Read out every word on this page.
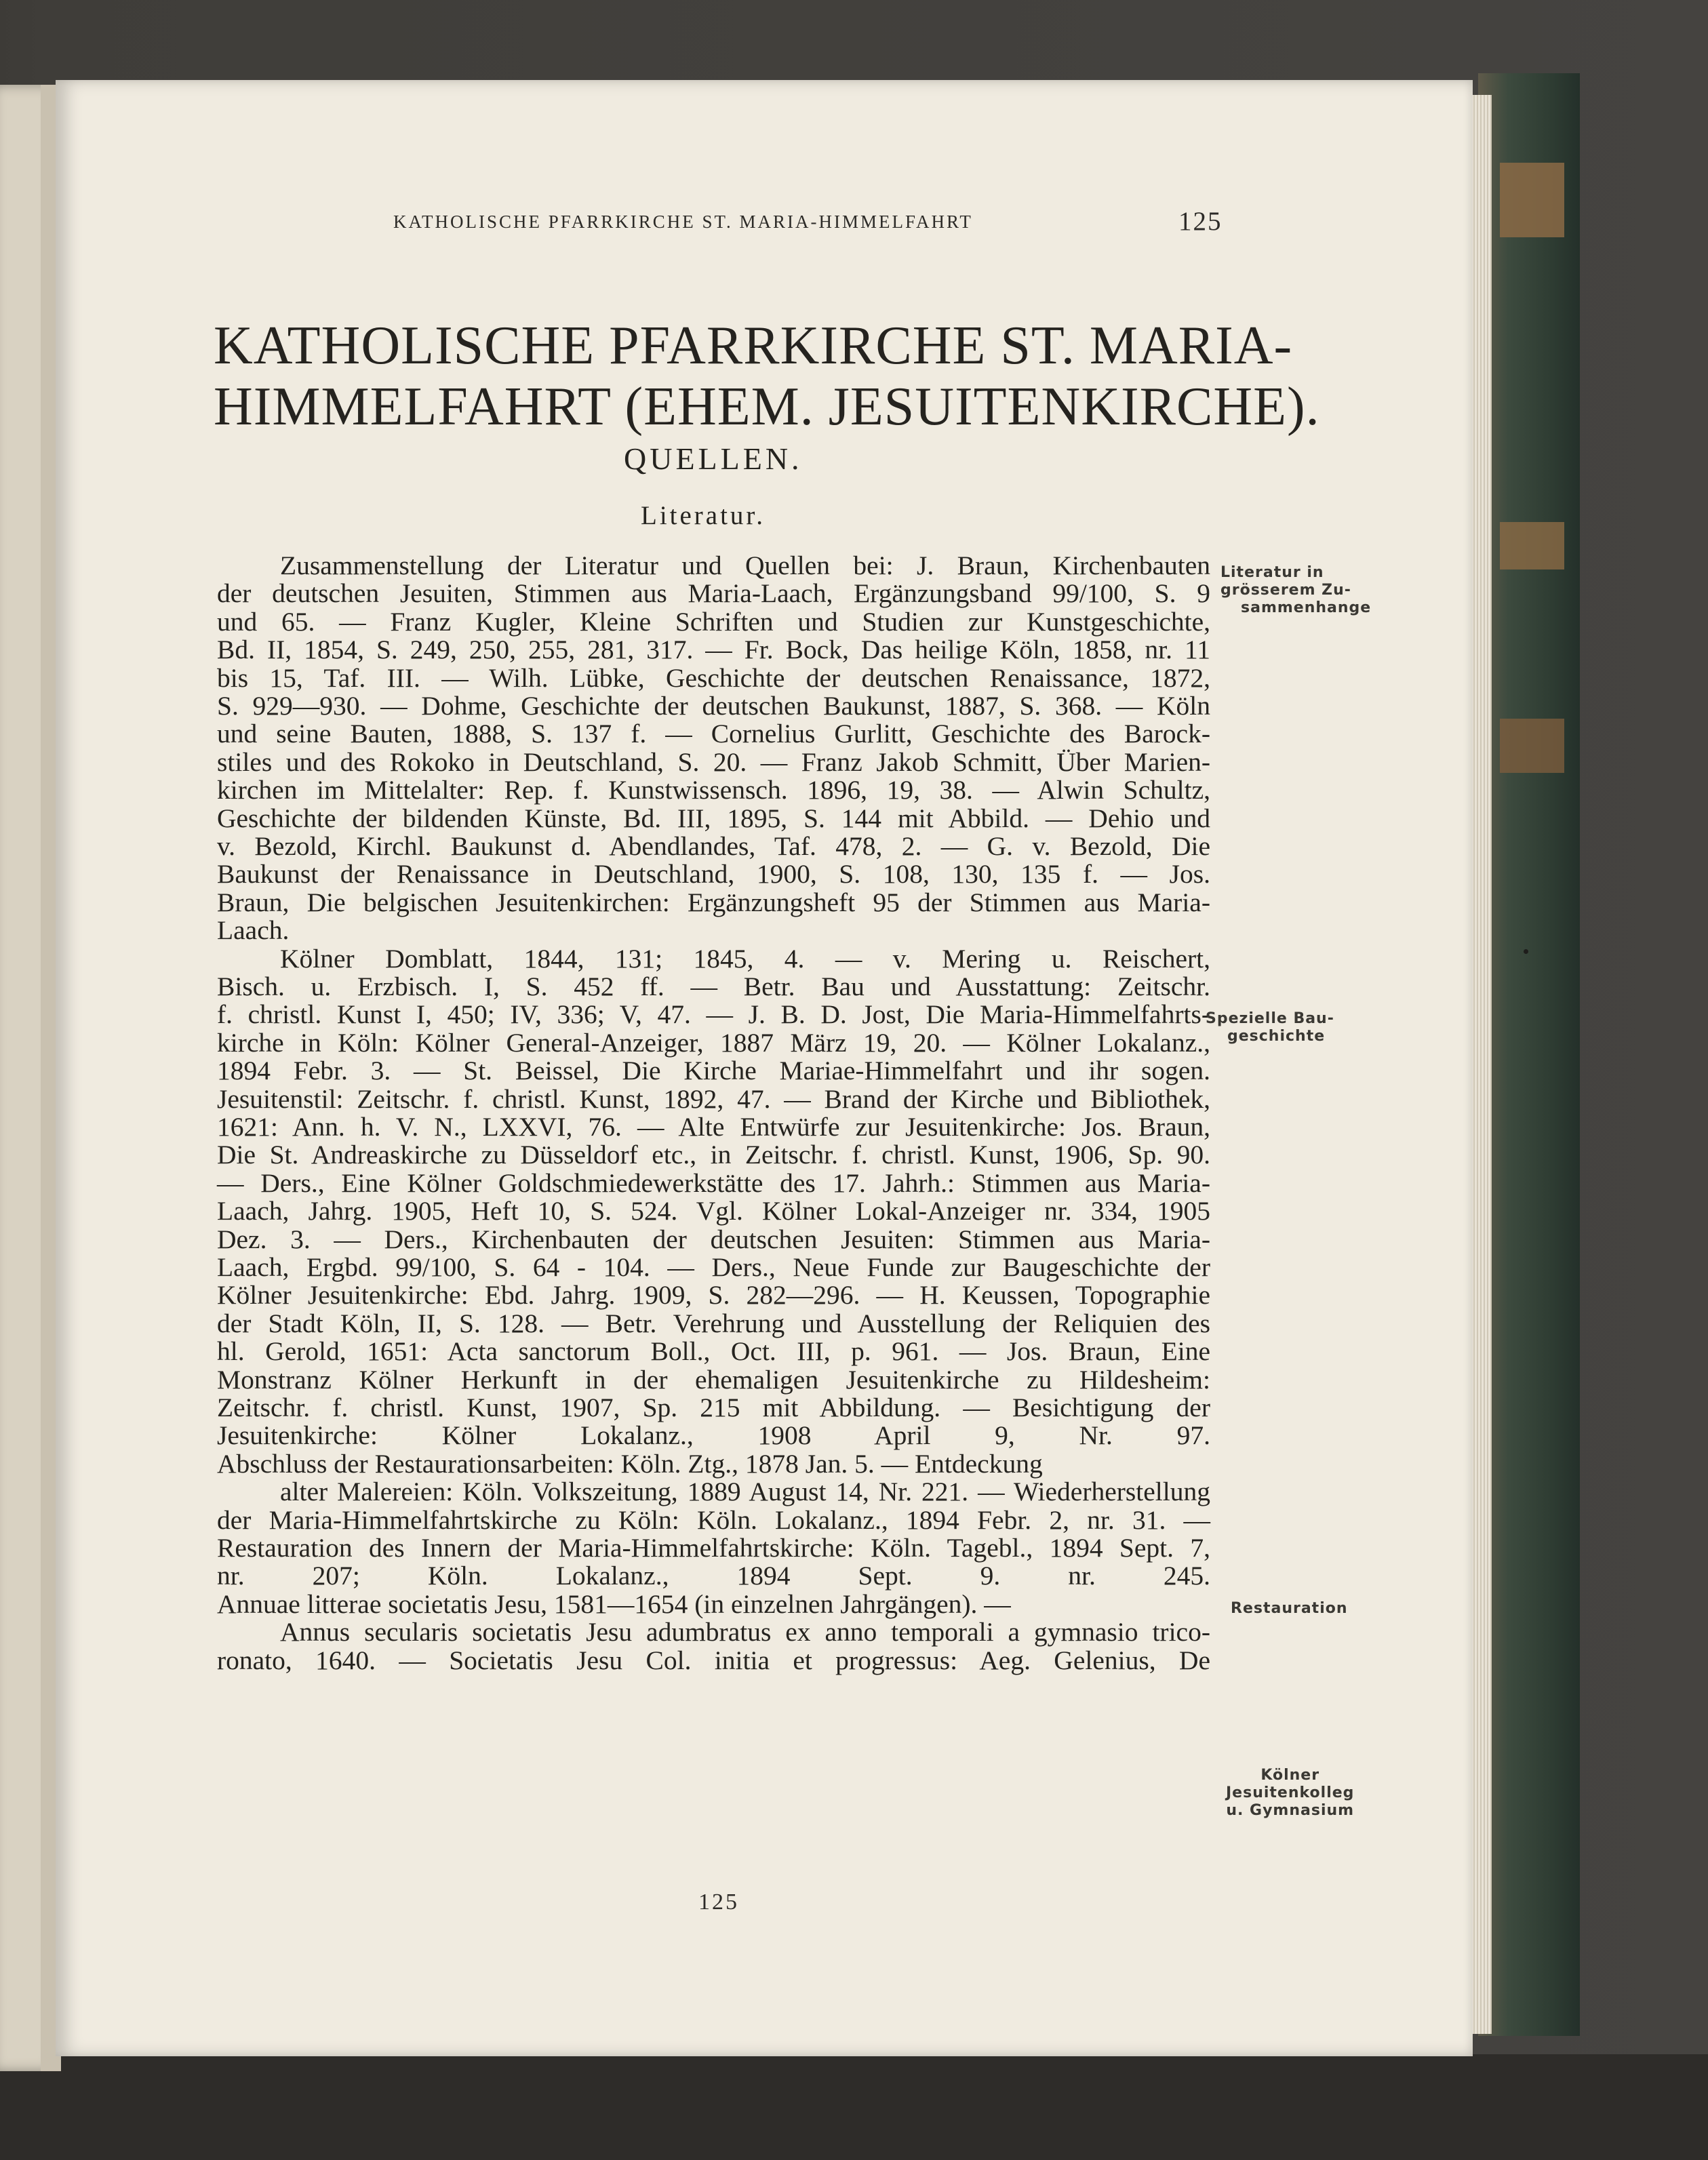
KATHOLISCHE PFARRKIRCHE ST. MARIA-HIMMELFAHRT	125
KATHOLISCHE PFARRKIRCHE ST. MARIA-
HIMMELFAHRT (EHEM. JESUITENKIRCHE).
QUELLEN.
Literatur.
Zusammenstellung der Literatur und Quellen bei: J. Braun, Kirchenbauten
der deutschen Jesuiten, Stimmen aus Maria-Laach, Ergänzungsband 99/100, S. 9
und 65. — Franz Kugler, Kleine Schriften und Studien zur Kunstgeschichte,
Bd. II, 1854, S. 249, 250, 255, 281, 317. — Fr. Bock, Das heilige Köln, 1858, nr. 11
bis 15, Taf. III. — Wilh. Lübke, Geschichte der deutschen Renaissance, 1872,
S. 929—930. — Dohme, Geschichte der deutschen Baukunst, 1887, S. 368. — Köln
und seine Bauten, 1888, S. 137 f. — Cornelius Gurlitt, Geschichte des Barock-
stiles und des Rokoko in Deutschland, S. 20. — Franz Jakob Schmitt, Über Marien-
kirchen im Mittelalter: Rep. f. Kunstwissensch. 1896, 19, 38. — Alwin Schultz,
Geschichte der bildenden Künste, Bd. III, 1895, S. 144 mit Abbild. — Dehio und
v. Bezold, Kirchl. Baukunst d. Abendlandes, Taf. 478, 2. — G. v. Bezold, Die
Baukunst der Renaissance in Deutschland, 1900, S. 108, 130, 135 f. — Jos.
Braun, Die belgischen Jesuitenkirchen: Ergänzungsheft 95 der Stimmen aus Maria-
Laach.
Kölner Domblatt, 1844, 131; 1845, 4. — v. Mering u. Reischert,
Bisch. u. Erzbisch. I, S. 452 ff. — Betr. Bau und Ausstattung: Zeitschr.
f. christl. Kunst I, 450; IV, 336; V, 47. — J. B. D. Jost, Die Maria-Himmelfahrts-
kirche in Köln: Kölner General-Anzeiger, 1887 März 19, 20. — Kölner Lokalanz.,
1894 Febr. 3. — St. Beissel, Die Kirche Mariae-Himmelfahrt und ihr sogen.
Jesuitenstil: Zeitschr. f. christl. Kunst, 1892, 47. — Brand der Kirche und Bibliothek,
1621: Ann. h. V. N., LXXVI, 76. — Alte Entwürfe zur Jesuitenkirche: Jos. Braun,
Die St. Andreaskirche zu Düsseldorf etc., in Zeitschr. f. christl. Kunst, 1906, Sp. 90.
— Ders., Eine Kölner Goldschmiedewerkstätte des 17. Jahrh.: Stimmen aus Maria-
Laach, Jahrg. 1905, Heft 10, S. 524. Vgl. Kölner Lokal-Anzeiger nr. 334, 1905
Dez. 3. — Ders., Kirchenbauten der deutschen Jesuiten: Stimmen aus Maria-
Laach, Ergbd. 99/100, S. 64 - 104. — Ders., Neue Funde zur Baugeschichte der
Kölner Jesuitenkirche: Ebd. Jahrg. 1909, S. 282—296. — H. Keussen, Topographie
der Stadt Köln, II, S. 128. — Betr. Verehrung und Ausstellung der Reliquien des
hl. Gerold, 1651: Acta sanctorum Boll., Oct. III, p. 961. — Jos. Braun, Eine
Monstranz Kölner Herkunft in der ehemaligen Jesuitenkirche zu Hildesheim:
Zeitschr. f. christl. Kunst, 1907, Sp. 215 mit Abbildung. — Besichtigung der
Jesuitenkirche: Kölner Lokalanz., 1908 April 9, Nr. 97.
Abschluss der Restaurationsarbeiten: Köln. Ztg., 1878 Jan. 5. — Entdeckung
alter Malereien: Köln. Volkszeitung, 1889 August 14, Nr. 221. — Wiederherstellung
der Maria-Himmelfahrtskirche zu Köln: Köln. Lokalanz., 1894 Febr. 2, nr. 31. —
Restauration des Innern der Maria-Himmelfahrtskirche: Köln. Tagebl., 1894 Sept. 7,
nr. 207; Köln. Lokalanz., 1894 Sept. 9. nr. 245.
Annuae litterae societatis Jesu, 1581—1654 (in einzelnen Jahrgängen). —
Annus secularis societatis Jesu adumbratus ex anno temporali a gymnasio trico-
ronato, 1640. — Societatis Jesu Col. initia et progressus: Aeg. Gelenius, De
Literatur in
grösserem Zu-
sammenhange
Spezielle Bau-
geschichte
Restauration
Kölner
Jesuitenkolleg
u. Gymnasium
125
